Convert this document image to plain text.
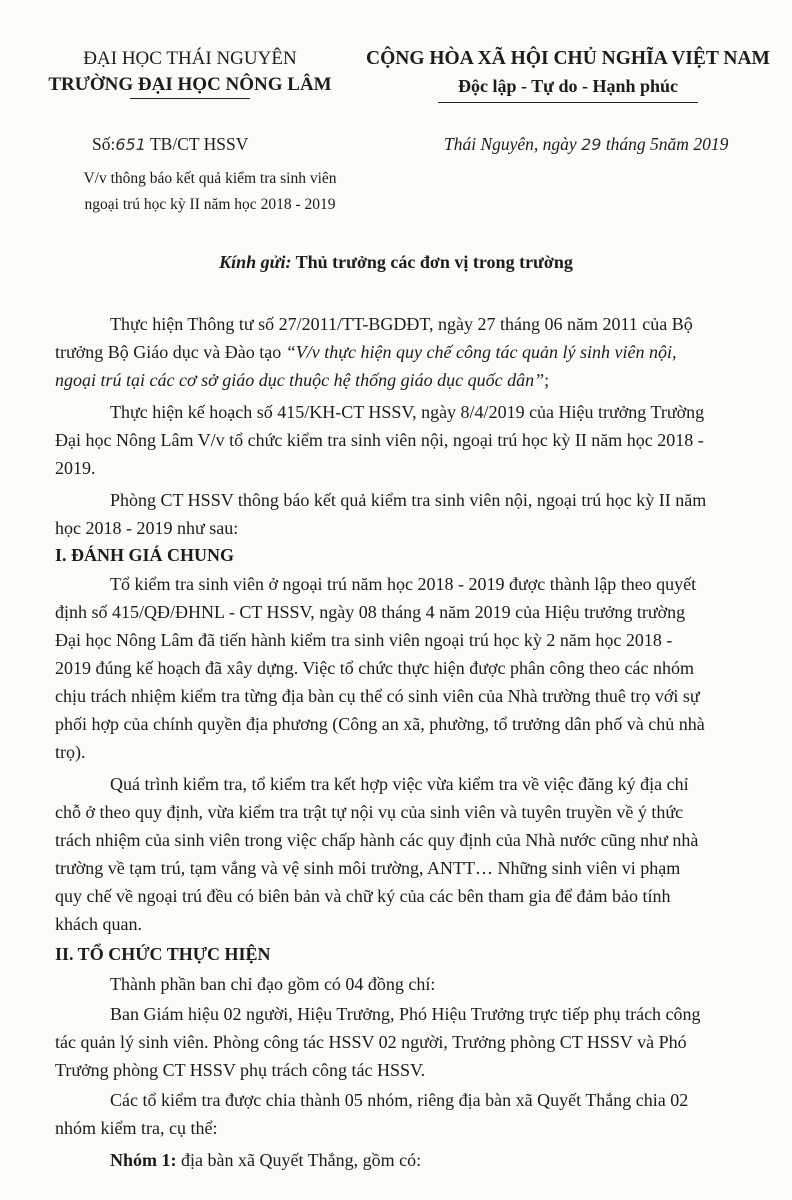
ĐẠI HỌC THÁI NGUYÊN
TRƯỜNG ĐẠI HỌC NÔNG LÂM
CỘNG HÒA XÃ HỘI CHỦ NGHĨA VIỆT NAM
Độc lập - Tự do - Hạnh phúc
Số:651 TB/CT HSSV	Thái Nguyên, ngày 29 tháng 5năm 2019
V/v thông báo kết quả kiểm tra sinh viên
ngoại trú học kỳ II năm học 2018 - 2019
Kính gửi: Thủ trưởng các đơn vị trong trường
Thực hiện Thông tư số 27/2011/TT-BGDĐT, ngày 27 tháng 06 năm 2011 của Bộ
trưởng Bộ Giáo dục và Đào tạo “V/v thực hiện quy chế công tác quản lý sinh viên nội,
ngoại trú tại các cơ sở giáo dục thuộc hệ thống giáo dục quốc dân”;
Thực hiện kế hoạch số 415/KH-CT HSSV, ngày 8/4/2019 của Hiệu trưởng Trường
Đại học Nông Lâm V/v tổ chức kiểm tra sinh viên nội, ngoại trú học kỳ II năm học 2018 -
2019.
Phòng CT HSSV thông báo kết quả kiểm tra sinh viên nội, ngoại trú học kỳ II năm
học 2018 - 2019 như sau:
I. ĐÁNH GIÁ CHUNG
Tổ kiểm tra sinh viên ở ngoại trú năm học 2018 - 2019 được thành lập theo quyết
định số 415/QĐ/ĐHNL - CT HSSV, ngày 08 tháng 4 năm 2019 của Hiệu trưởng trường
Đại học Nông Lâm đã tiến hành kiểm tra sinh viên ngoại trú học kỳ 2 năm học 2018 -
2019 đúng kế hoạch đã xây dựng. Việc tổ chức thực hiện được phân công theo các nhóm
chịu trách nhiệm kiểm tra từng địa bàn cụ thể có sinh viên của Nhà trường thuê trọ với sự
phối hợp của chính quyền địa phương (Công an xã, phường, tổ trưởng dân phố và chủ nhà
trọ).
Quá trình kiểm tra, tổ kiểm tra kết hợp việc vừa kiểm tra về việc đăng ký địa chỉ
chỗ ở theo quy định, vừa kiểm tra trật tự nội vụ của sinh viên và tuyên truyền về ý thức
trách nhiệm của sinh viên trong việc chấp hành các quy định của Nhà nước cũng như nhà
trường về tạm trú, tạm vắng và vệ sinh môi trường, ANTT… Những sinh viên vi phạm
quy chế về ngoại trú đều có biên bản và chữ ký của các bên tham gia để đảm bảo tính
khách quan.
II. TỔ CHỨC THỰC HIỆN
Thành phần ban chỉ đạo gồm có 04 đồng chí:
Ban Giám hiệu 02 người, Hiệu Trưởng, Phó Hiệu Trưởng trực tiếp phụ trách công
tác quản lý sinh viên. Phòng công tác HSSV 02 người, Trưởng phòng CT HSSV và Phó
Trưởng phòng CT HSSV phụ trách công tác HSSV.
Các tổ kiểm tra được chia thành 05 nhóm, riêng địa bàn xã Quyết Thắng chia 02
nhóm kiểm tra, cụ thể:
Nhóm 1: địa bàn xã Quyết Thắng, gồm có:
